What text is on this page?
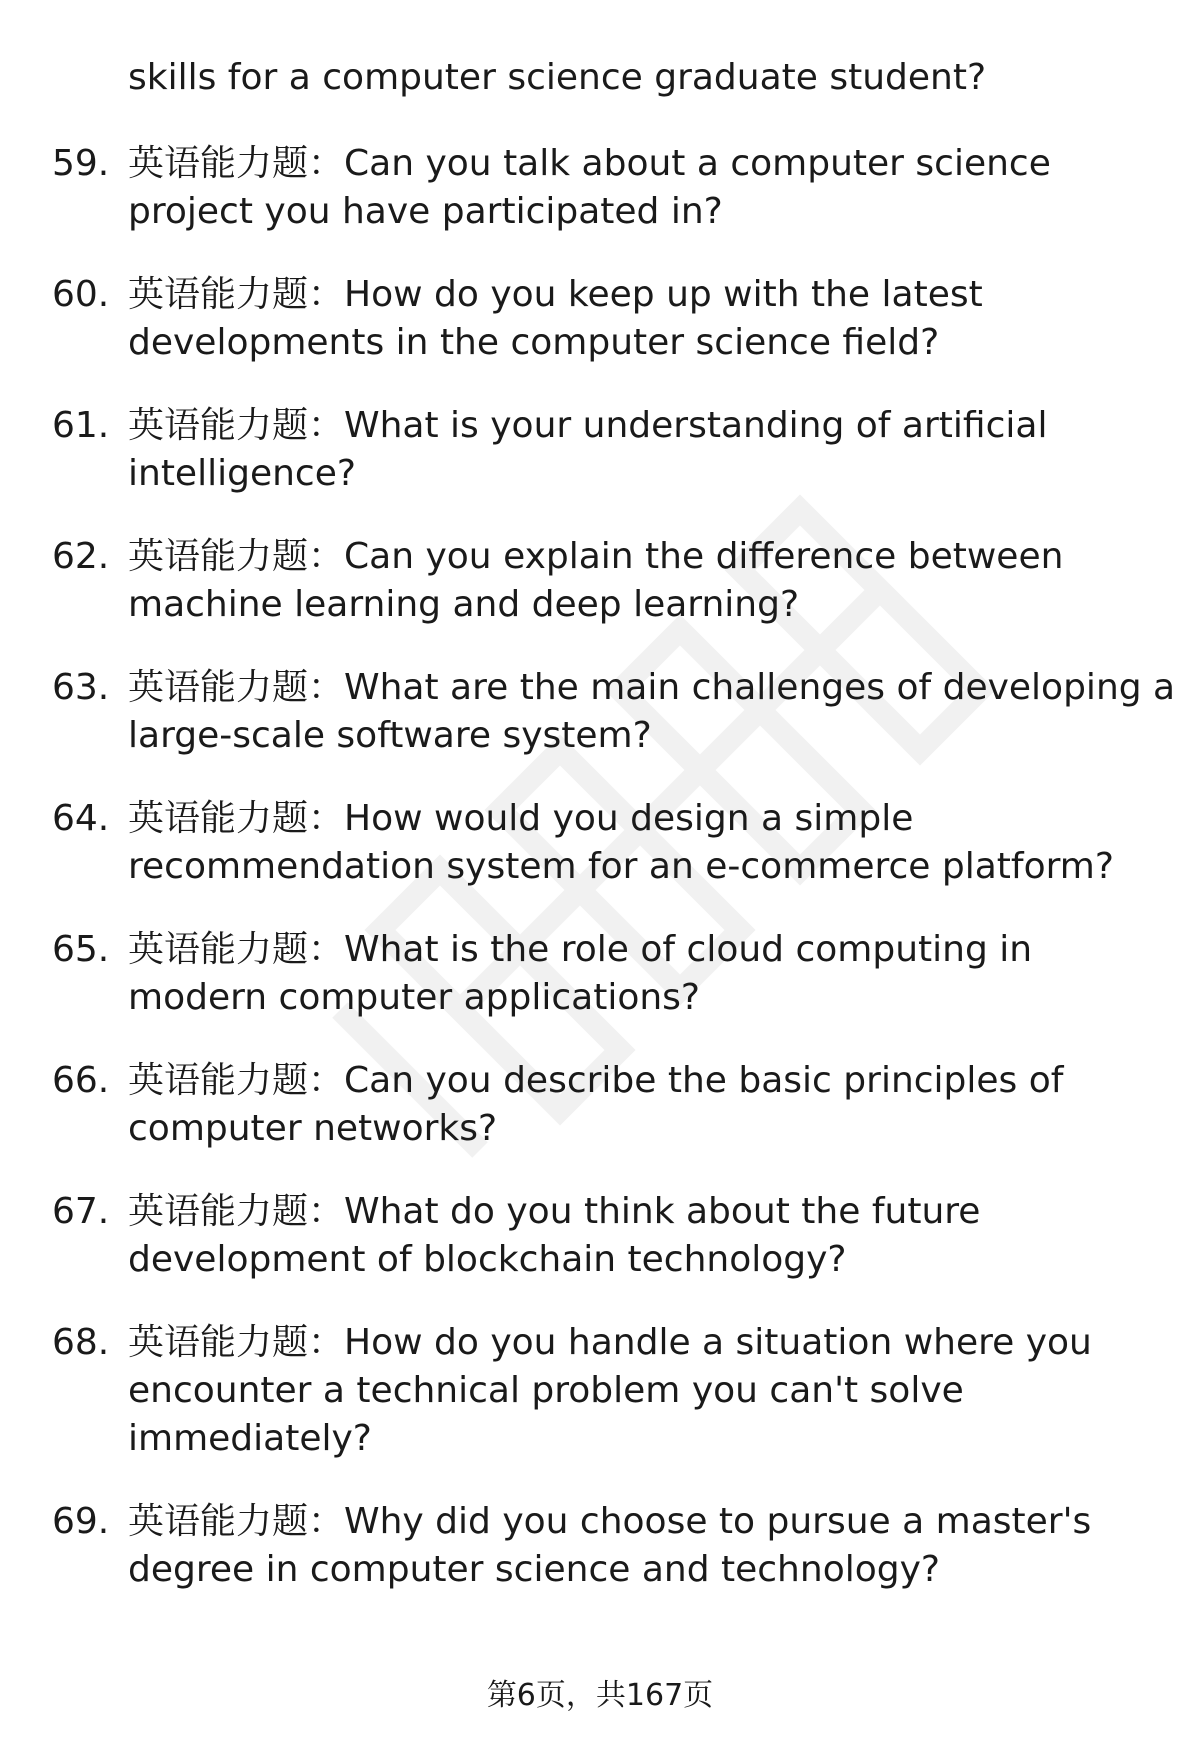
skills for a computer science graduate student?
59. 英语能力题：Can you talk about a computer science project you have participated in?
60. 英语能力题：How do you keep up with the latest developments in the computer science field?
61. 英语能力题：What is your understanding of artificial intelligence?
62. 英语能力题：Can you explain the difference between machine learning and deep learning?
63. 英语能力题：What are the main challenges of developing a large-scale software system?
64. 英语能力题：How would you design a simple recommendation system for an e-commerce platform?
65. 英语能力题：What is the role of cloud computing in modern computer applications?
66. 英语能力题：Can you describe the basic principles of computer networks?
67. 英语能力题：What do you think about the future development of blockchain technology?
68. 英语能力题：How do you handle a situation where you encounter a technical problem you can't solve immediately?
69. 英语能力题：Why did you choose to pursue a master's degree in computer science and technology?
第6页，共167页
